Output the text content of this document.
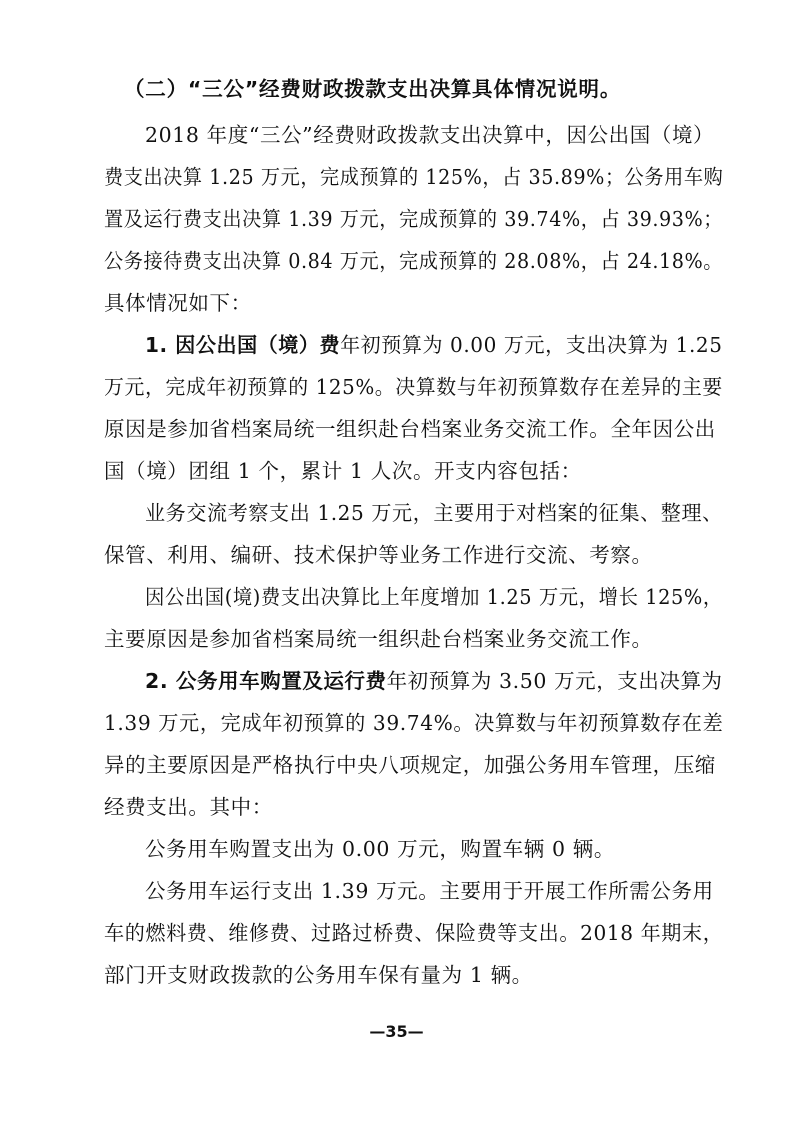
（二）“三公”经费财政拨款支出决算具体情况说明。
2018 年度“三公”经费财政拨款支出决算中，因公出国（境）
费支出决算 1.25 万元，完成预算的 125%，占 35.89%；公务用车购
置及运行费支出决算 1.39 万元，完成预算的 39.74%，占 39.93%；
公务接待费支出决算 0.84 万元，完成预算的 28.08%，占 24.18%。
具体情况如下：
1. 因公出国（境）费年初预算为 0.00 万元，支出决算为 1.25
万元，完成年初预算的 125%。决算数与年初预算数存在差异的主要
原因是参加省档案局统一组织赴台档案业务交流工作。全年因公出
国（境）团组 1 个，累计 1 人次。开支内容包括：
业务交流考察支出 1.25 万元，主要用于对档案的征集、整理、
保管、利用、编研、技术保护等业务工作进行交流、考察。
因公出国(境)费支出决算比上年度增加 1.25 万元，增长 125%，
主要原因是参加省档案局统一组织赴台档案业务交流工作。
2. 公务用车购置及运行费年初预算为 3.50 万元，支出决算为
1.39 万元，完成年初预算的 39.74%。决算数与年初预算数存在差
异的主要原因是严格执行中央八项规定，加强公务用车管理，压缩
经费支出。其中：
公务用车购置支出为 0.00 万元，购置车辆 0 辆。
公务用车运行支出 1.39 万元。主要用于开展工作所需公务用
车的燃料费、维修费、过路过桥费、保险费等支出。2018 年期末，
部门开支财政拨款的公务用车保有量为 1 辆。
—35—
